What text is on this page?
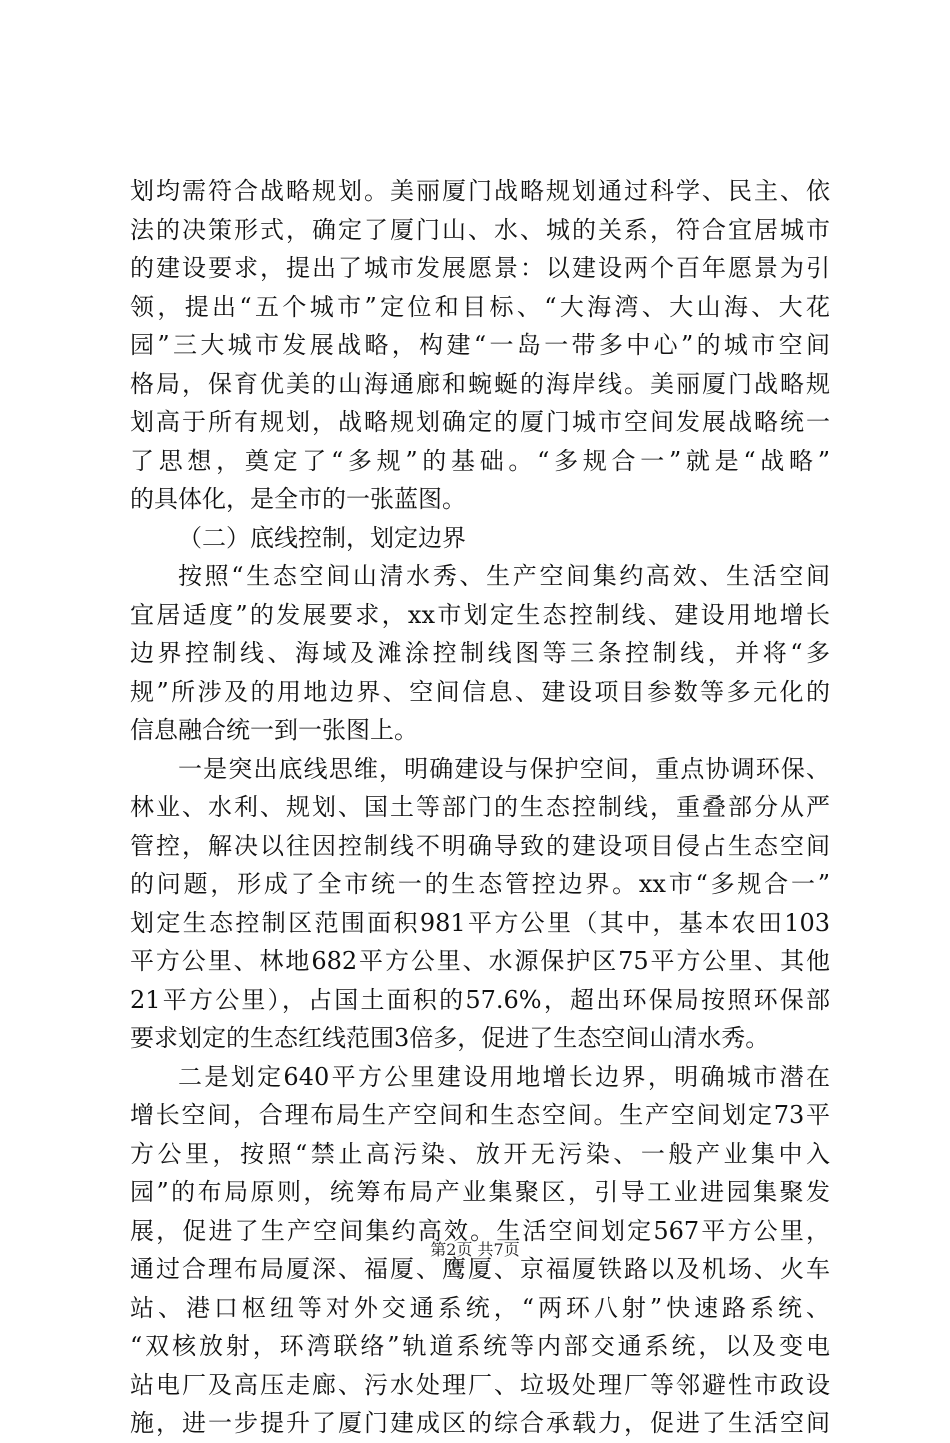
划均需符合战略规划。美丽厦门战略规划通过科学、民主、依
法的决策形式，确定了厦门山、水、城的关系，符合宜居城市
的建设要求，提出了城市发展愿景：以建设两个百年愿景为引
领，提出“五个城市”定位和目标、“大海湾、大山海、大花
园”三大城市发展战略，构建“一岛一带多中心”的城市空间
格局，保育优美的山海通廊和蜿蜒的海岸线。美丽厦门战略规
划高于所有规划，战略规划确定的厦门城市空间发展战略统一
了思想，奠定了“多规”的基础。“多规合一”就是“战略”
的具体化，是全市的一张蓝图。
（二）底线控制，划定边界
按照“生态空间山清水秀、生产空间集约高效、生活空间
宜居适度”的发展要求，xx市划定生态控制线、建设用地增长
边界控制线、海域及滩涂控制线图等三条控制线，并将“多
规”所涉及的用地边界、空间信息、建设项目参数等多元化的
信息融合统一到一张图上。
一是突出底线思维，明确建设与保护空间，重点协调环保、
林业、水利、规划、国土等部门的生态控制线，重叠部分从严
管控，解决以往因控制线不明确导致的建设项目侵占生态空间
的问题，形成了全市统一的生态管控边界。xx市“多规合一”
划定生态控制区范围面积981平方公里（其中，基本农田103
平方公里、林地682平方公里、水源保护区75平方公里、其他
21平方公里），占国土面积的57.6%，超出环保局按照环保部
要求划定的生态红线范围3倍多，促进了生态空间山清水秀。
二是划定640平方公里建设用地增长边界，明确城市潜在
增长空间，合理布局生产空间和生态空间。生产空间划定73平
方公里，按照“禁止高污染、放开无污染、一般产业集中入
园”的布局原则，统筹布局产业集聚区，引导工业进园集聚发
展，促进了生产空间集约高效。生活空间划定567平方公里，
通过合理布局厦深、福厦、鹰厦、京福厦铁路以及机场、火车
站、港口枢纽等对外交通系统，“两环八射”快速路系统、
“双核放射，环湾联络”轨道系统等内部交通系统，以及变电
站电厂及高压走廊、污水处理厂、垃圾处理厂等邻避性市政设
施，进一步提升了厦门建成区的综合承载力，促进了生活空间
第2页 共7页
